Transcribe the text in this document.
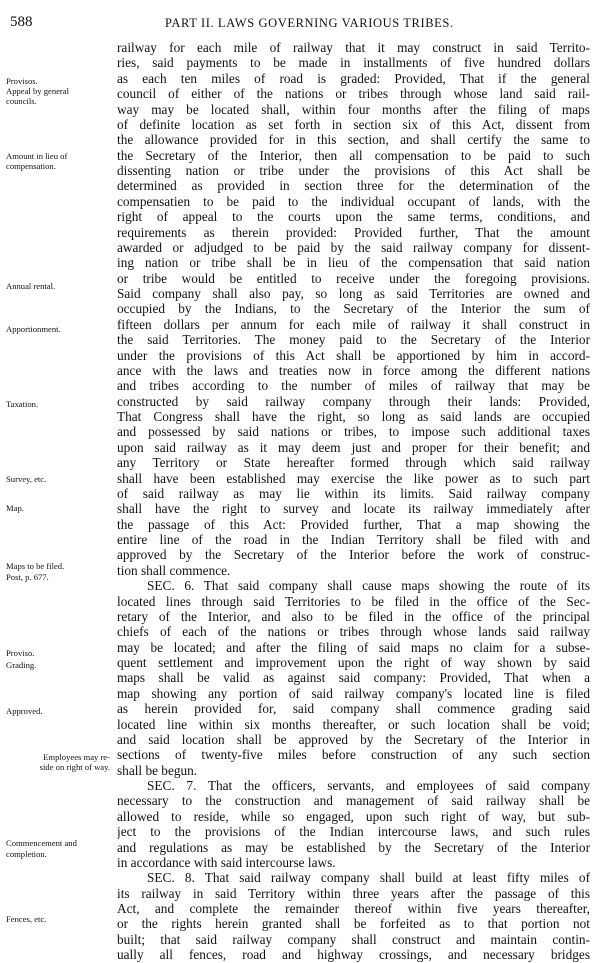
588	PART II. LAWS GOVERNING VARIOUS TRIBES.
Provisos.
Appeal by general
councils.
Amount in lieu of
compensation.
Annual rental.
Apportionment.
Taxation.
Survey, etc.
Map.
Maps to be filed.
Post, p. 677.
Proviso.
Grading.
Approved.
Employees may re-
side on right of way.
Commencement and
completion.
Fences, etc.
railway for each mile of railway that it may construct in said Territo-
ries, said payments to be made in installments of five hundred dollars
as each ten miles of road is graded: Provided, That if the general
council of either of the nations or tribes through whose land said rail-
way may be located shall, within four months after the filing of maps
of definite location as set forth in section six of this Act, dissent from
the allowance provided for in this section, and shall certify the same to
the Secretary of the Interior, then all compensation to be paid to such
dissenting nation or tribe under the provisions of this Act shall be
determined as provided in section three for the determination of the
compensatien to be paid to the individual occupant of lands, with the
right of appeal to the courts upon the same terms, conditions, and
requirements as therein provided: Provided further, That the amount
awarded or adjudged to be paid by the said railway company for dissent-
ing nation or tribe shall be in lieu of the compensation that said nation
or tribe would be entitled to receive under the foregoing provisions.
Said company shall also pay, so long as said Territories are owned and
occupied by the Indians, to the Secretary of the Interior the sum of
fifteen dollars per annum for each mile of railway it shall construct in
the said Territories. The money paid to the Secretary of the Interior
under the provisions of this Act shall be apportioned by him in accord-
ance with the laws and treaties now in force among the different nations
and tribes according to the number of miles of railway that may be
constructed by said railway company through their lands: Provided,
That Congress shall have the right, so long as said lands are occupied
and possessed by said nations or tribes, to impose such additional taxes
upon said railway as it may deem just and proper for their benefit; and
any Territory or State hereafter formed through which said railway
shall have been established may exercise the like power as to such part
of said railway as may lie within its limits. Said railway company
shall have the right to survey and locate its railway immediately after
the passage of this Act: Provided further, That a map showing the
entire line of the road in the Indian Territory shall be filed with and
approved by the Secretary of the Interior before the work of construc-
tion shall commence.
SEC. 6. That said company shall cause maps showing the route of its
located lines through said Territories to be filed in the office of the Sec-
retary of the Interior, and also to be filed in the office of the principal
chiefs of each of the nations or tribes through whose lands said railway
may be located; and after the filing of said maps no claim for a subse-
quent settlement and improvement upon the right of way shown by said
maps shall be valid as against said company: Provided, That when a
map showing any portion of said railway company's located line is filed
as herein provided for, said company shall commence grading said
located line within six months thereafter, or such location shall be void;
and said location shall be approved by the Secretary of the Interior in
sections of twenty-five miles before construction of any such section
shall be begun.
SEC. 7. That the officers, servants, and employees of said company
necessary to the construction and management of said railway shall be
allowed to reside, while so engaged, upon such right of way, but sub-
ject to the provisions of the Indian intercourse laws, and such rules
and regulations as may be established by the Secretary of the Interior
in accordance with said intercourse laws.
SEC. 8. That said railway company shall build at least fifty miles of
its railway in said Territory within three years after the passage of this
Act, and complete the remainder thereof within five years thereafter,
or the rights herein granted shall be forfeited as to that portion not
built; that said railway company shall construct and maintain contin-
ually all fences, road and highway crossings, and necessary bridges
